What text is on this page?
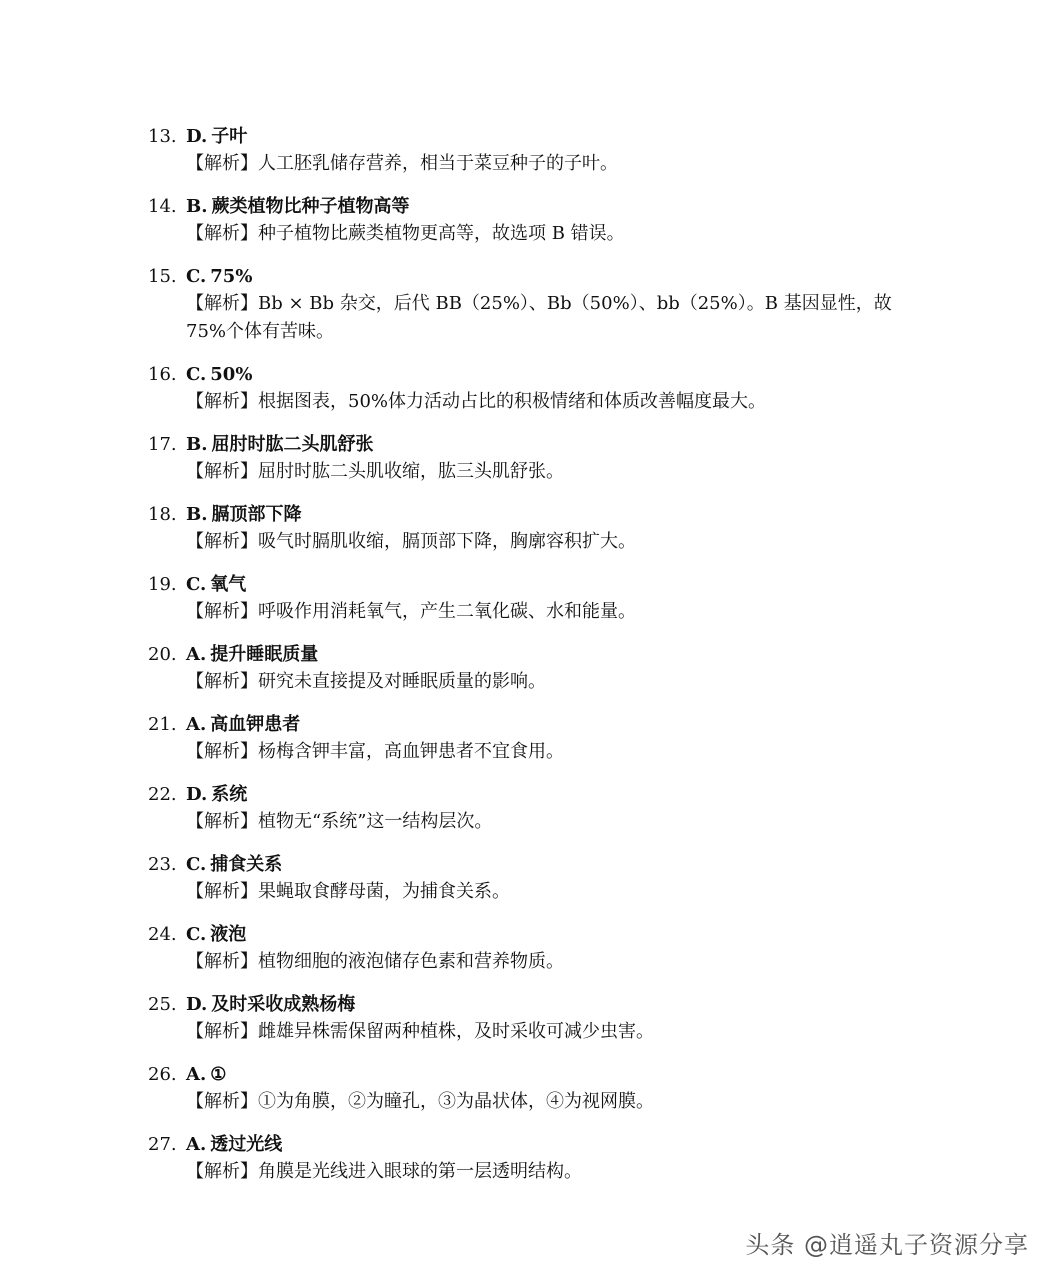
13. D. 子叶
【解析】人工胚乳储存营养，相当于菜豆种子的子叶。
14. B. 蕨类植物比种子植物高等
【解析】种子植物比蕨类植物更高等，故选项 B 错误。
15. C. 75%
【解析】Bb × Bb 杂交，后代 BB（25%）、Bb（50%）、bb（25%）。B 基因显性，故 75%个体有苦味。
16. C. 50%
【解析】根据图表，50%体力活动占比的积极情绪和体质改善幅度最大。
17. B. 屈肘时肱二头肌舒张
【解析】屈肘时肱二头肌收缩，肱三头肌舒张。
18. B. 膈顶部下降
【解析】吸气时膈肌收缩，膈顶部下降，胸廓容积扩大。
19. C. 氧气
【解析】呼吸作用消耗氧气，产生二氧化碳、水和能量。
20. A. 提升睡眠质量
【解析】研究未直接提及对睡眠质量的影响。
21. A. 高血钾患者
【解析】杨梅含钾丰富，高血钾患者不宜食用。
22. D. 系统
【解析】植物无“系统”这一结构层次。
23. C. 捕食关系
【解析】果蝇取食酵母菌，为捕食关系。
24. C. 液泡
【解析】植物细胞的液泡储存色素和营养物质。
25. D. 及时采收成熟杨梅
【解析】雌雄异株需保留两种植株，及时采收可减少虫害。
26. A. ①
【解析】①为角膜，②为瞳孔，③为晶状体，④为视网膜。
27. A. 透过光线
【解析】角膜是光线进入眼球的第一层透明结构。
头条 @逍遥丸子资源分享
